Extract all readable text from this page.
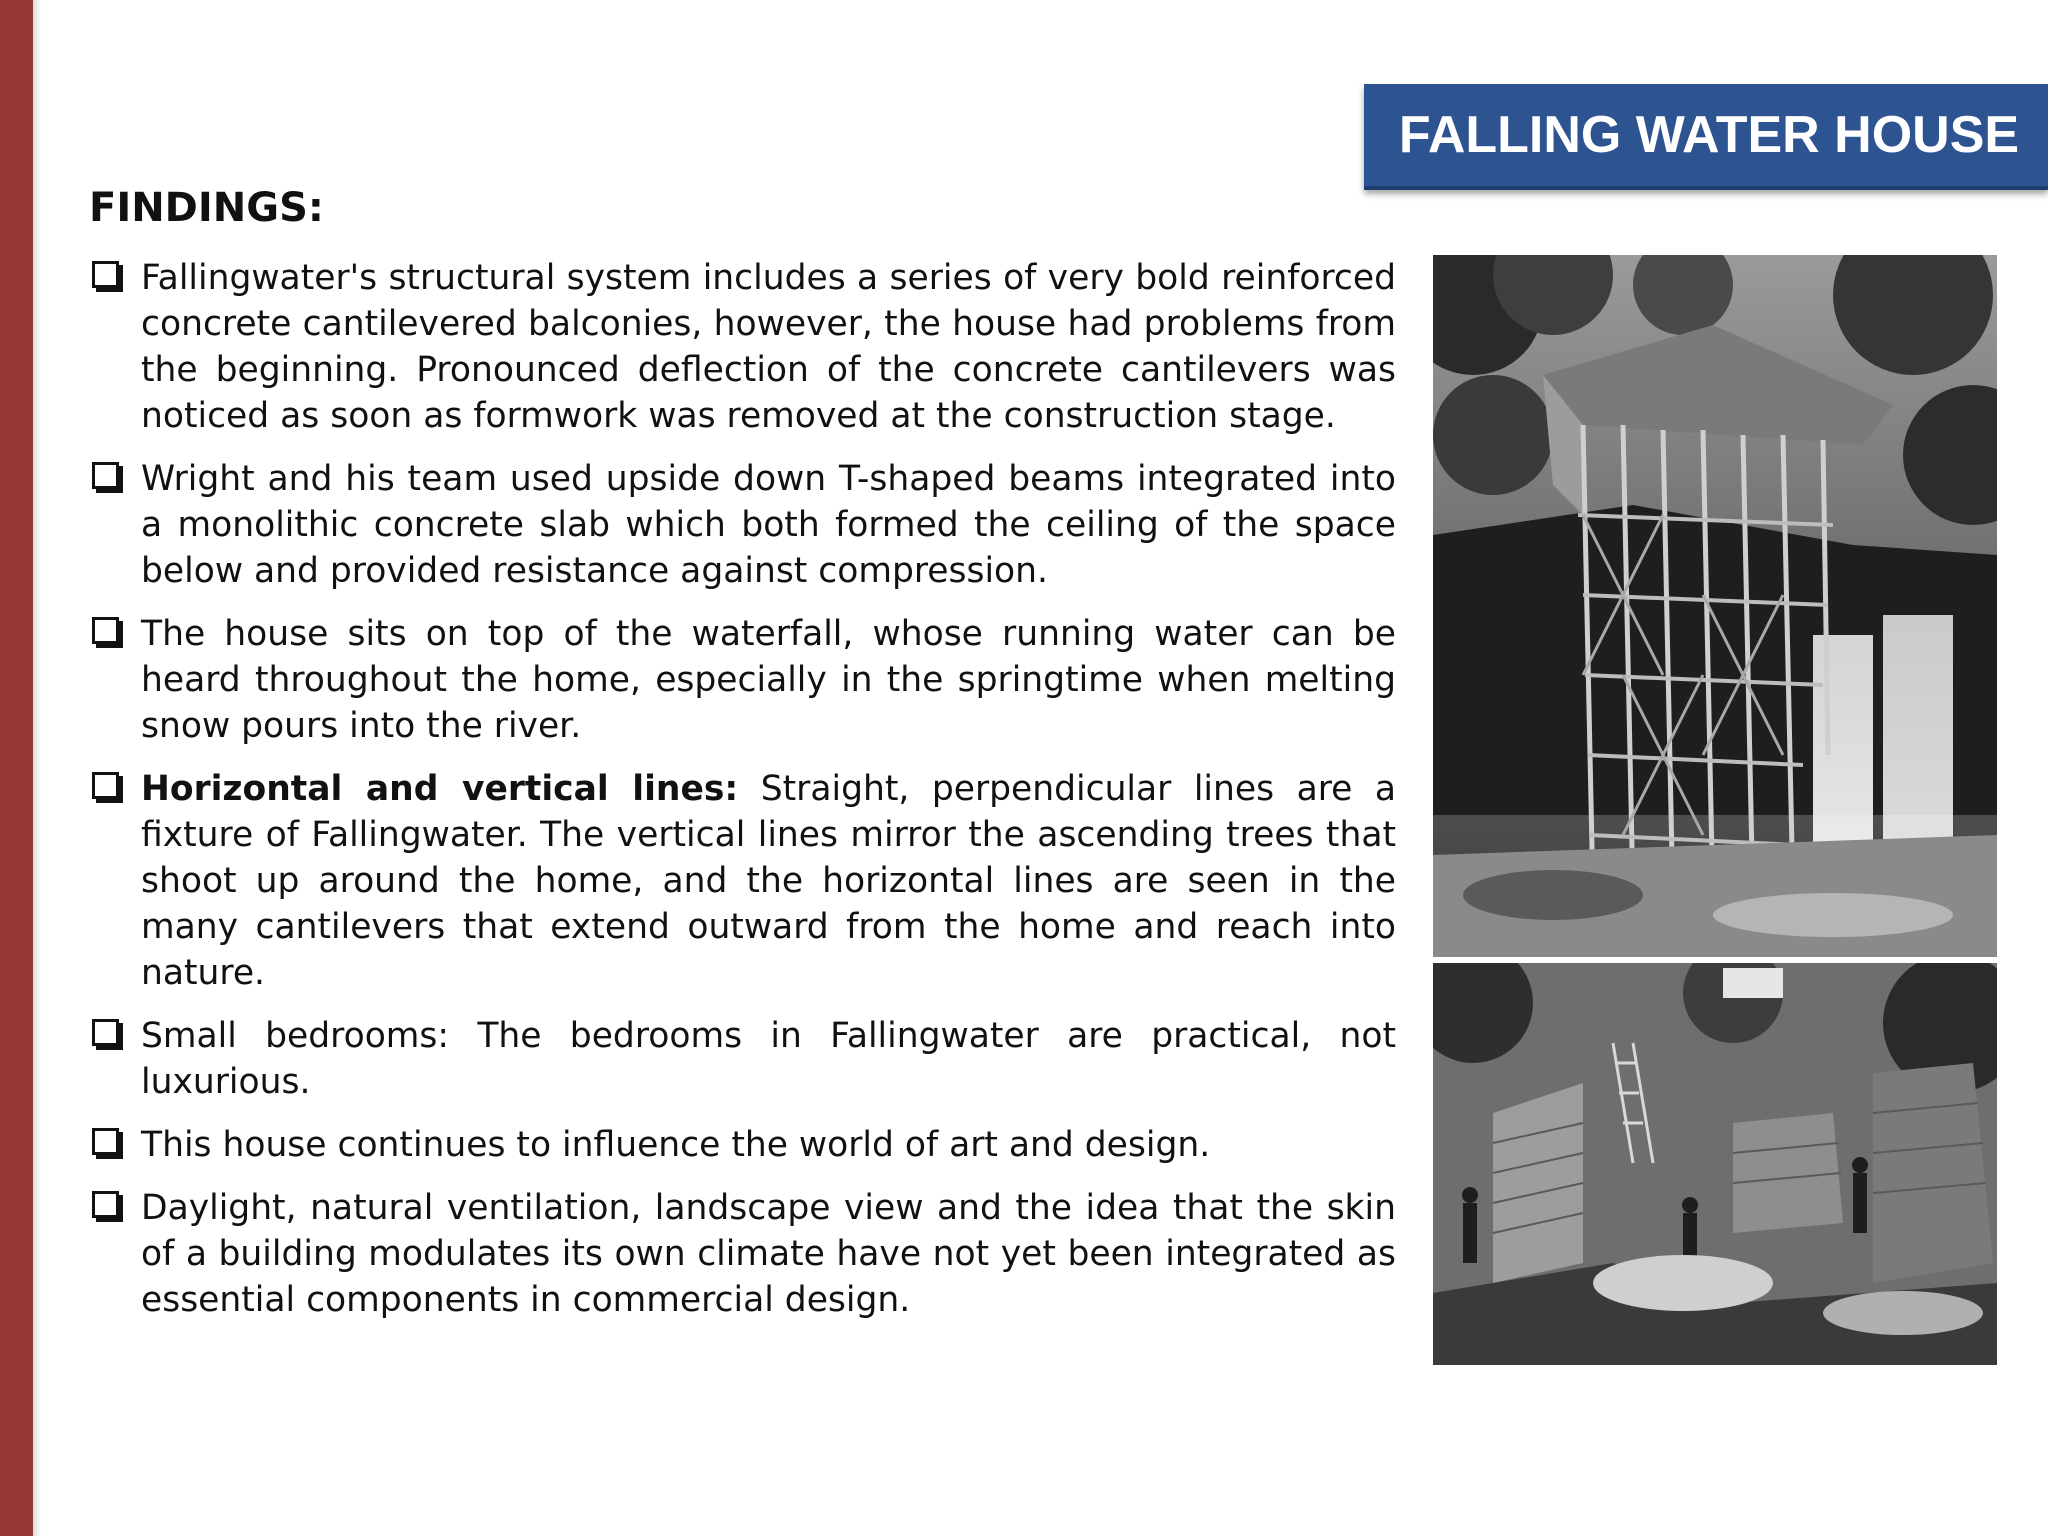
FALLING WATER HOUSE
FINDINGS:
Fallingwater's structural system includes a series of very bold reinforced concrete cantilevered balconies, however, the house had problems from the beginning. Pronounced deflection of the concrete cantilevers was noticed as soon as formwork was removed at the construction stage.
Wright and his team used upside down T-shaped beams integrated into a monolithic concrete slab which both formed the ceiling of the space below and provided resistance against compression.
The house sits on top of the waterfall, whose running water can be heard throughout the home, especially in the springtime when melting snow pours into the river.
Horizontal and vertical lines: Straight, perpendicular lines are a fixture of Fallingwater. The vertical lines mirror the ascending trees that shoot up around the home, and the horizontal lines are seen in the many cantilevers that extend outward from the home and reach into nature.
Small bedrooms: The bedrooms in Fallingwater are practical, not luxurious.
This house continues to influence the world of art and design.
Daylight, natural ventilation, landscape view and the idea that the skin of a building modulates its own climate have not yet been integrated as essential components in commercial design.
